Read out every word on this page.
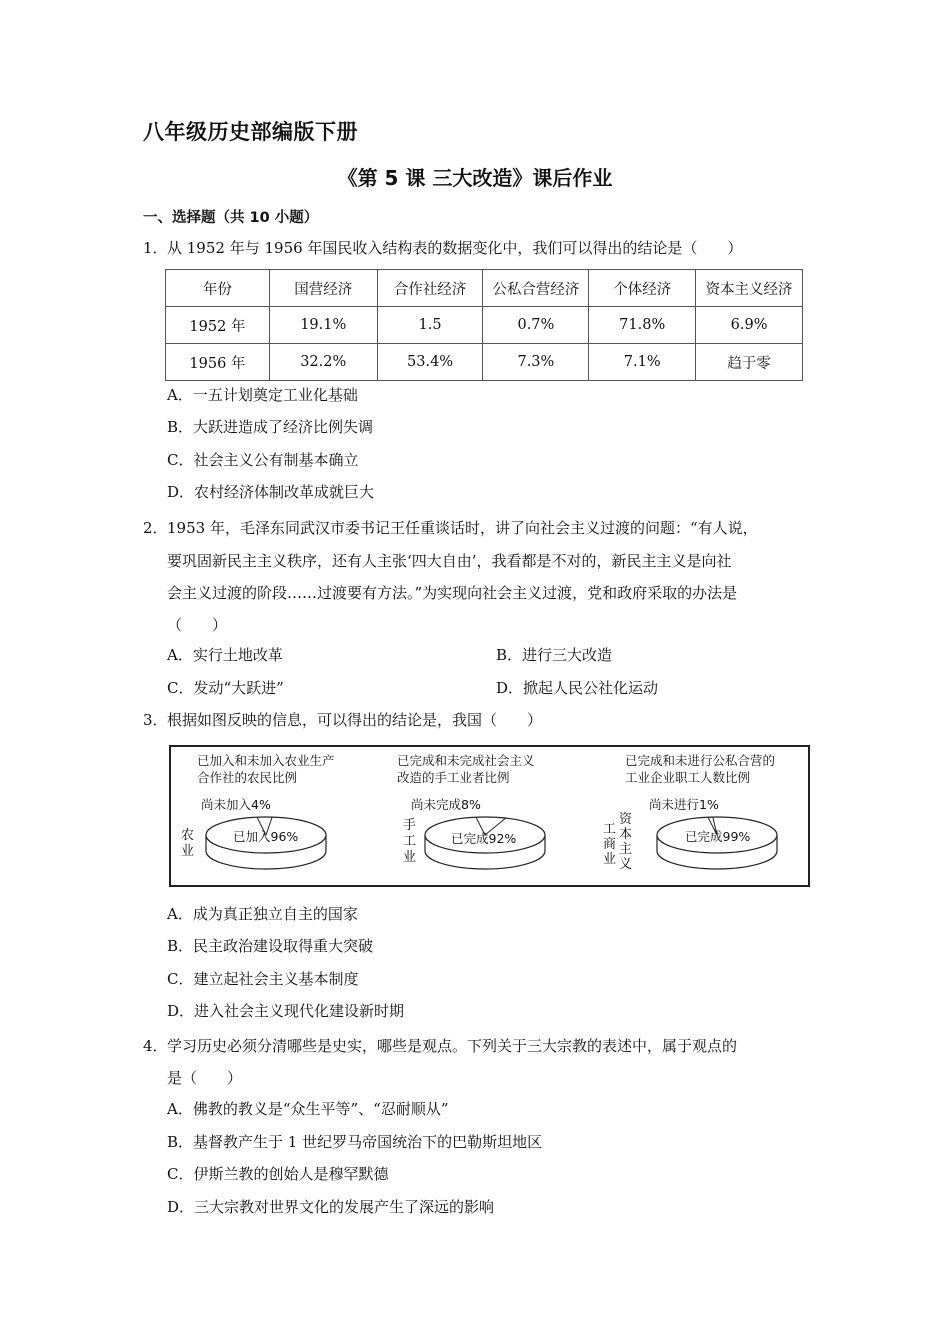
八年级历史部编版下册
《第 5 课 三大改造》课后作业
一、选择题（共 10 小题）
1．从 1952 年与 1956 年国民收入结构表的数据变化中，我们可以得出的结论是（　　）
年份	国营经济	合作社经济	公私合营经济	个体经济	资本主义经济
1952 年	19.1%	1.5	0.7%	71.8%	6.9%
1956 年	32.2%	53.4%	7.3%	7.1%	趋于零
A．一五计划奠定工业化基础
B．大跃进造成了经济比例失调
C．社会主义公有制基本确立
D．农村经济体制改革成就巨大
2．1953 年，毛泽东同武汉市委书记王任重谈话时，讲了向社会主义过渡的问题：“有人说，
要巩固新民主主义秩序，还有人主张‘四大自由’，我看都是不对的，新民主主义是向社
会主义过渡的阶段……过渡要有方法。”为实现向社会主义过渡，党和政府采取的办法是
（　　）
A．实行土地改革	B．进行三大改造
C．发动“大跃进”	D．掀起人民公社化运动
3．根据如图反映的信息，可以得出的结论是，我国（　　）
已加入和未加入农业生产
合作社的农民比例
尚未加入4%
农业
已加入96%
已完成和未完成社会主义
改造的手工业者比例
尚未完成8%
手工业
已完成92%
已完成和未进行公私合营的
工业企业职工人数比例
尚未进行1%
资本主义
工商业
已完成99%
A．成为真正独立自主的国家
B．民主政治建设取得重大突破
C．建立起社会主义基本制度
D．进入社会主义现代化建设新时期
4．学习历史必须分清哪些是史实，哪些是观点。下列关于三大宗教的表述中，属于观点的
是（　　）
A．佛教的教义是“众生平等”、“忍耐顺从”
B．基督教产生于 1 世纪罗马帝国统治下的巴勒斯坦地区
C．伊斯兰教的创始人是穆罕默德
D．三大宗教对世界文化的发展产生了深远的影响
